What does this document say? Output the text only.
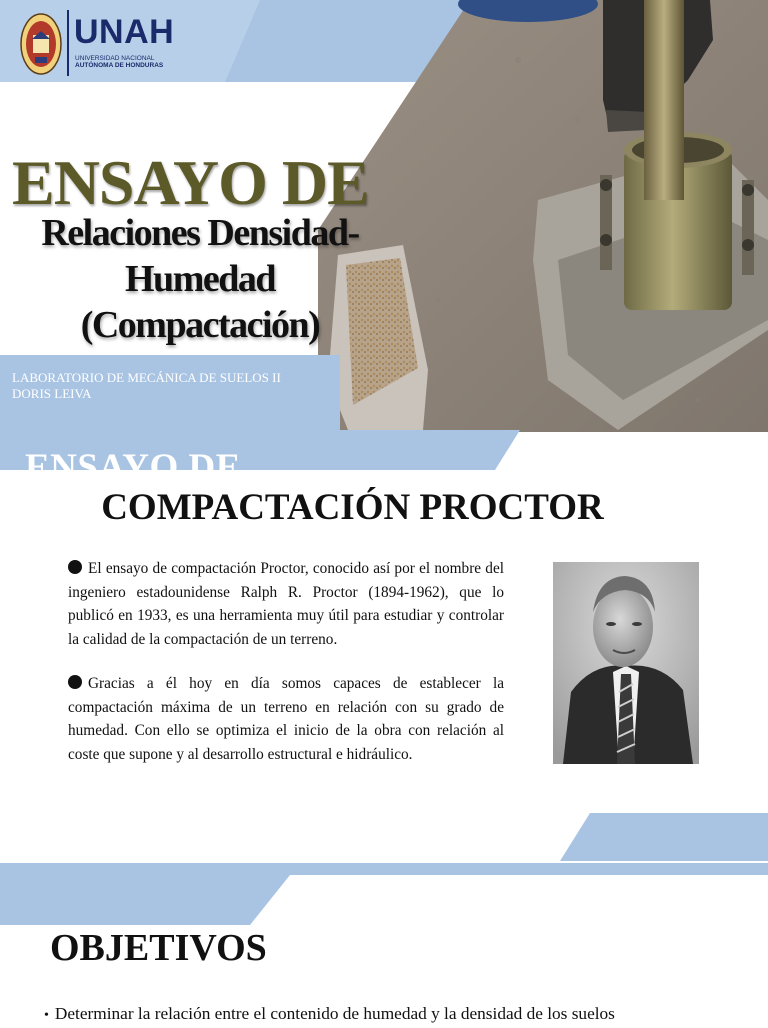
UNAH
UNIVERSIDAD NACIONAL
AUTÓNOMA DE HONDURAS
ENSAYO DE
Relaciones Densidad-
Humedad
(Compactación)
LABORATORIO DE MECÁNICA DE SUELOS II
DORIS LEIVA
ENSAYO DE
COMPACTACIÓN PROCTOR
El ensayo de compactación Proctor, conocido así por el nombre del ingeniero estadounidense Ralph R. Proctor (1894-1962), que lo publicó en 1933, es una herramienta muy útil para estudiar y controlar la calidad de la compactación de un terreno.
Gracias a él hoy en día somos capaces de establecer la compactación máxima de un terreno en relación con su grado de humedad. Con ello se optimiza el inicio de la obra con relación al coste que supone y al desarrollo estructural e hidráulico.
OBJETIVOS
• Determinar la relación entre el contenido de humedad y la densidad de los suelos
